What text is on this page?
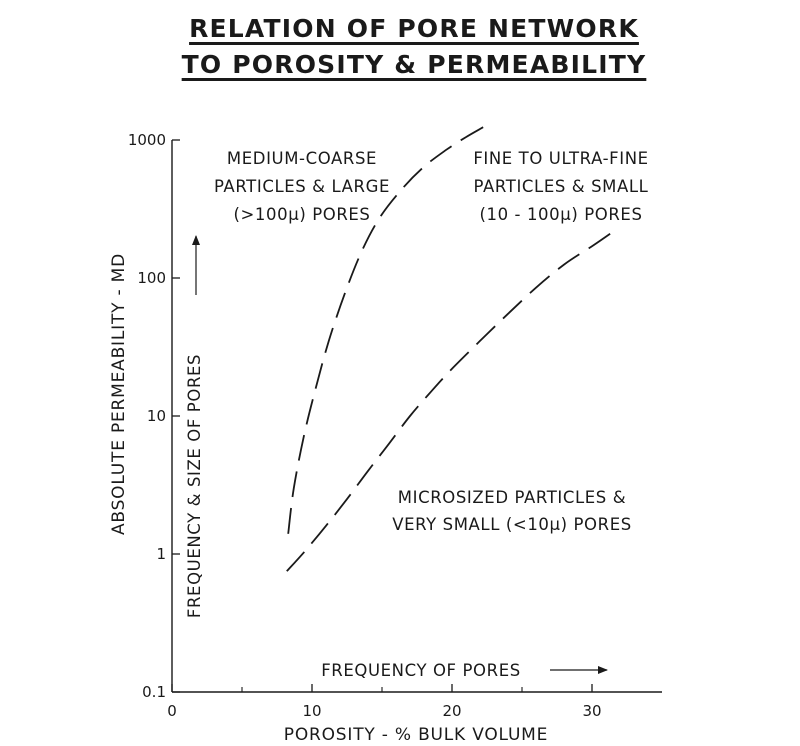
RELATION OF PORE NETWORK
TO POROSITY & PERMEABILITY
0	10	20	30
0.1
1
10
100
1000
MEDIUM-COARSE
PARTICLES & LARGE
(>100μ) PORES
FINE TO ULTRA-FINE
PARTICLES & SMALL
(10 - 100μ) PORES
MICROSIZED PARTICLES &
VERY SMALL (<10μ) PORES
FREQUENCY OF PORES
FREQUENCY & SIZE OF PORES
POROSITY - % BULK VOLUME
ABSOLUTE PERMEABILITY - MD
